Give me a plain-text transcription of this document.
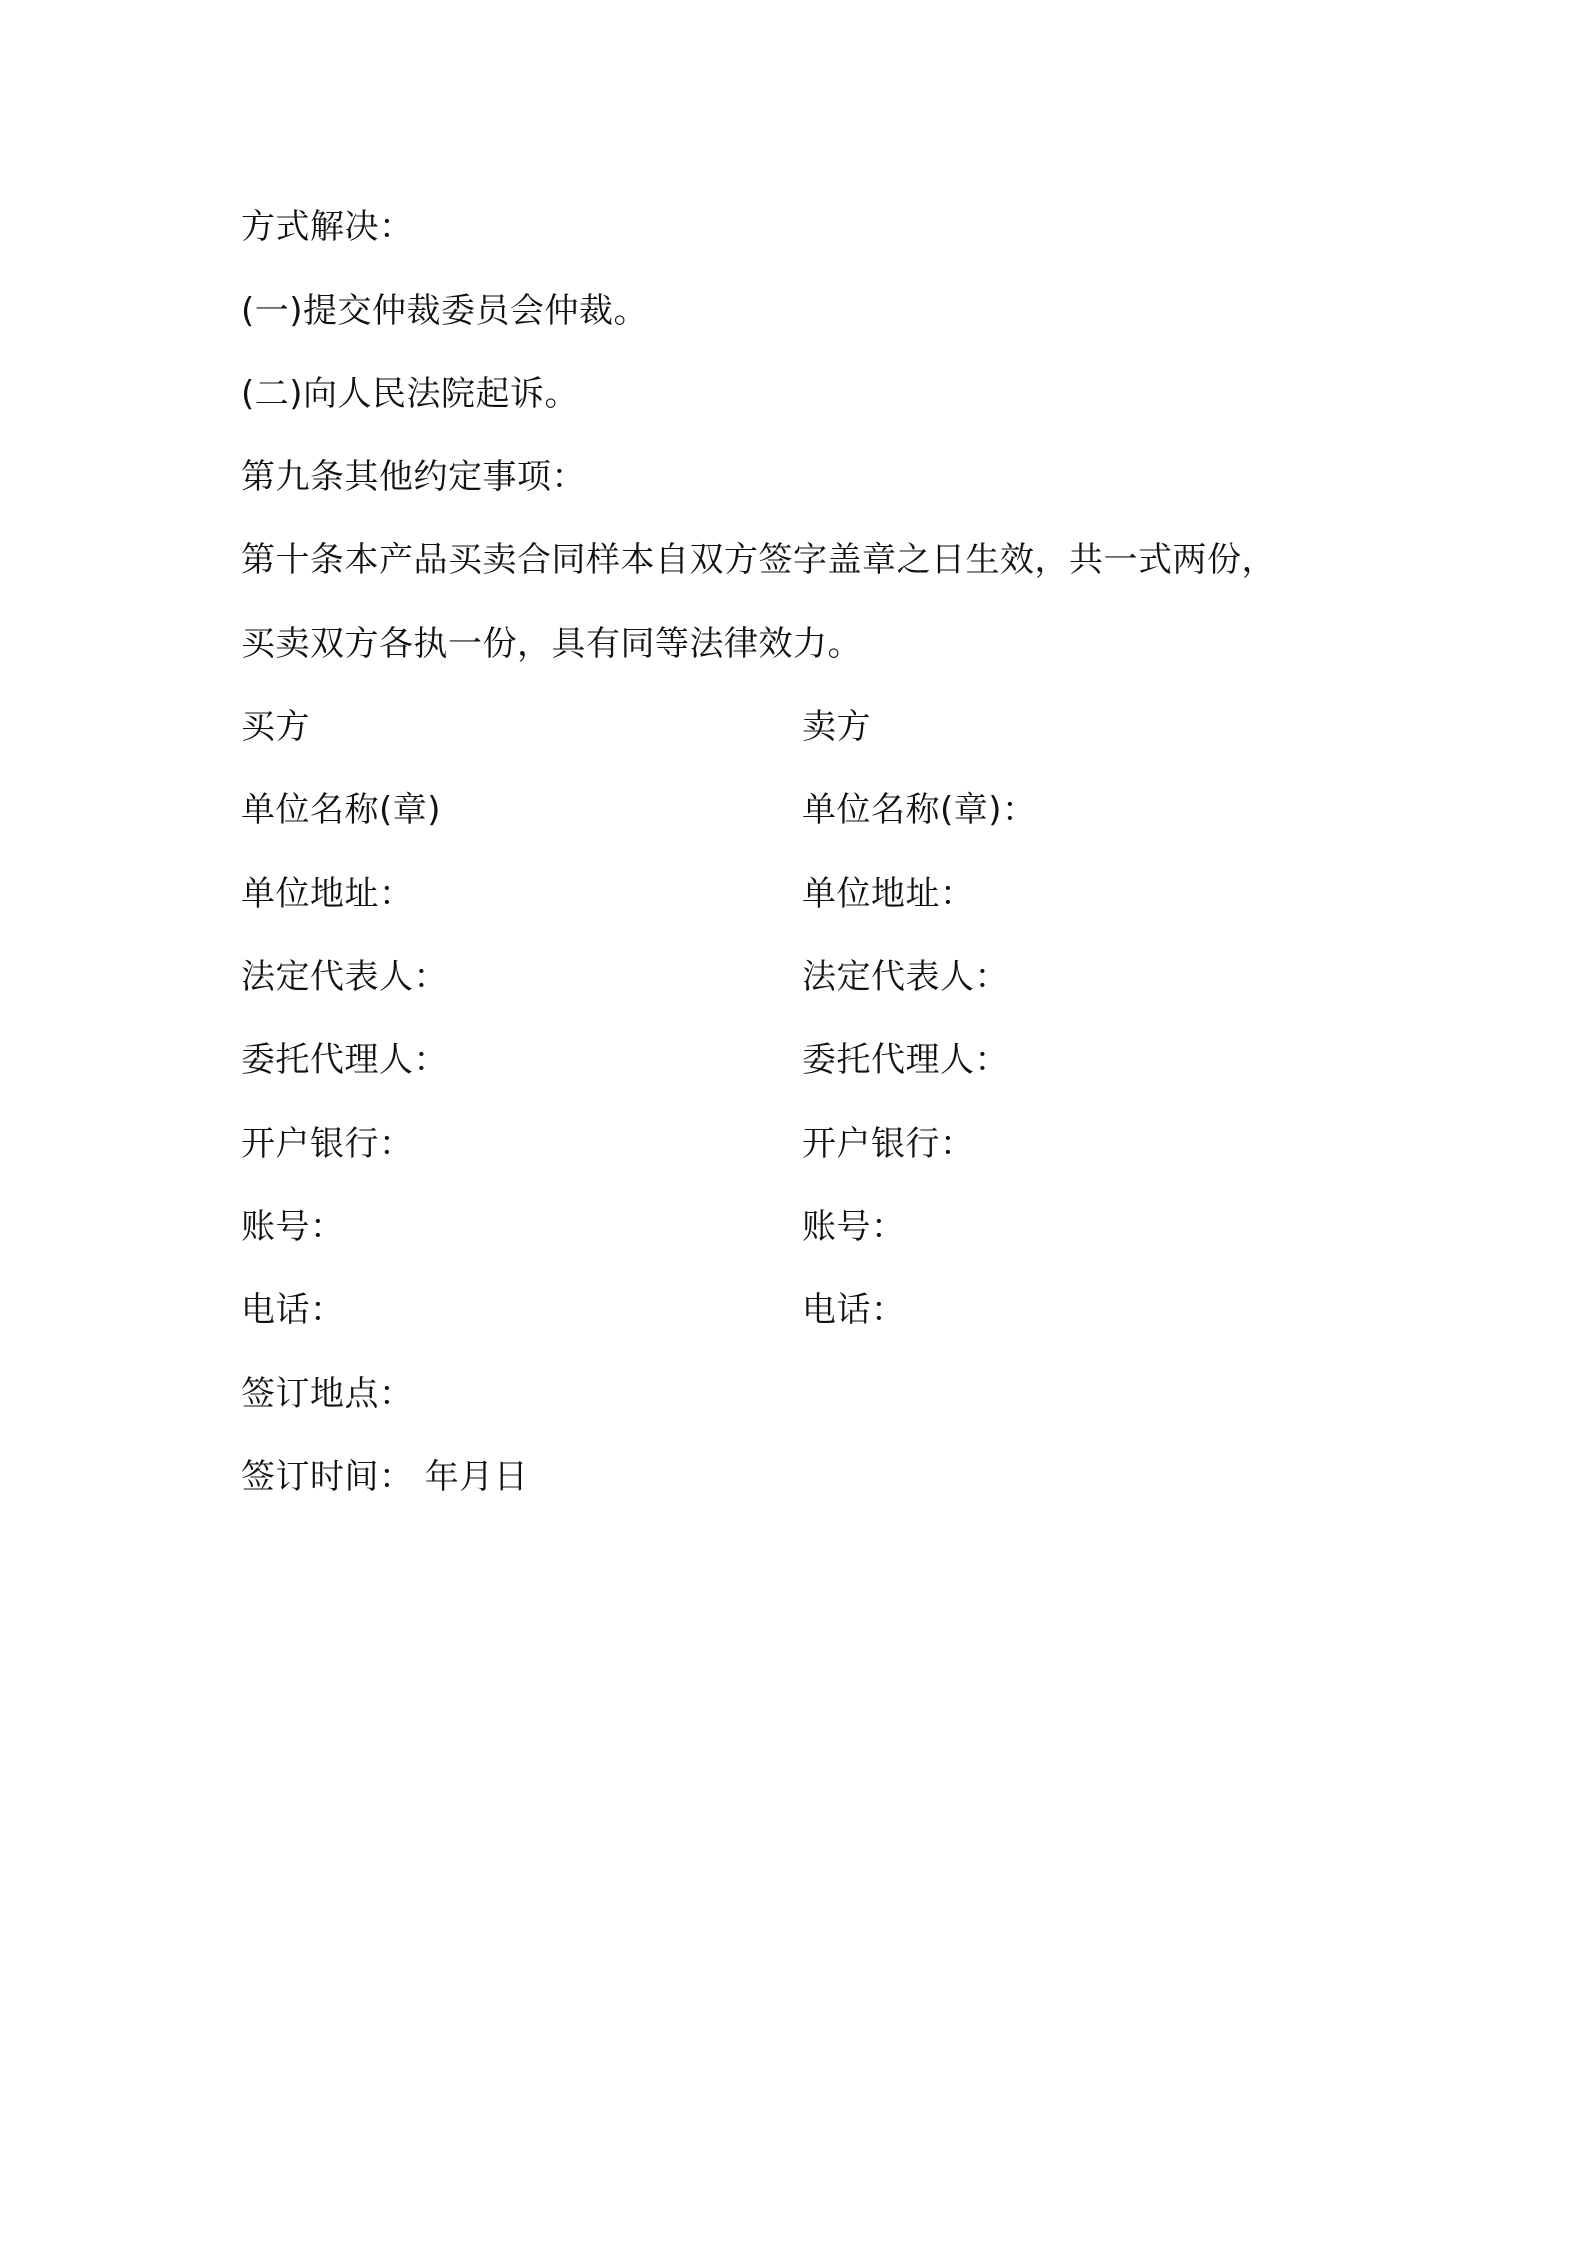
方式解决：
(一)提交仲裁委员会仲裁。
(二)向人民法院起诉。
第九条其他约定事项：
第十条本产品买卖合同样本自双方签字盖章之日生效，共一式两份，
买卖双方各执一份，具有同等法律效力。
买方
单位名称(章)
单位地址：
法定代表人：
委托代理人：
开户银行：
账号：
电话：
卖方
单位名称(章)：
单位地址：
法定代表人：
委托代理人：
开户银行：
账号：
电话：
签订地点：
签订时间： 年月日
